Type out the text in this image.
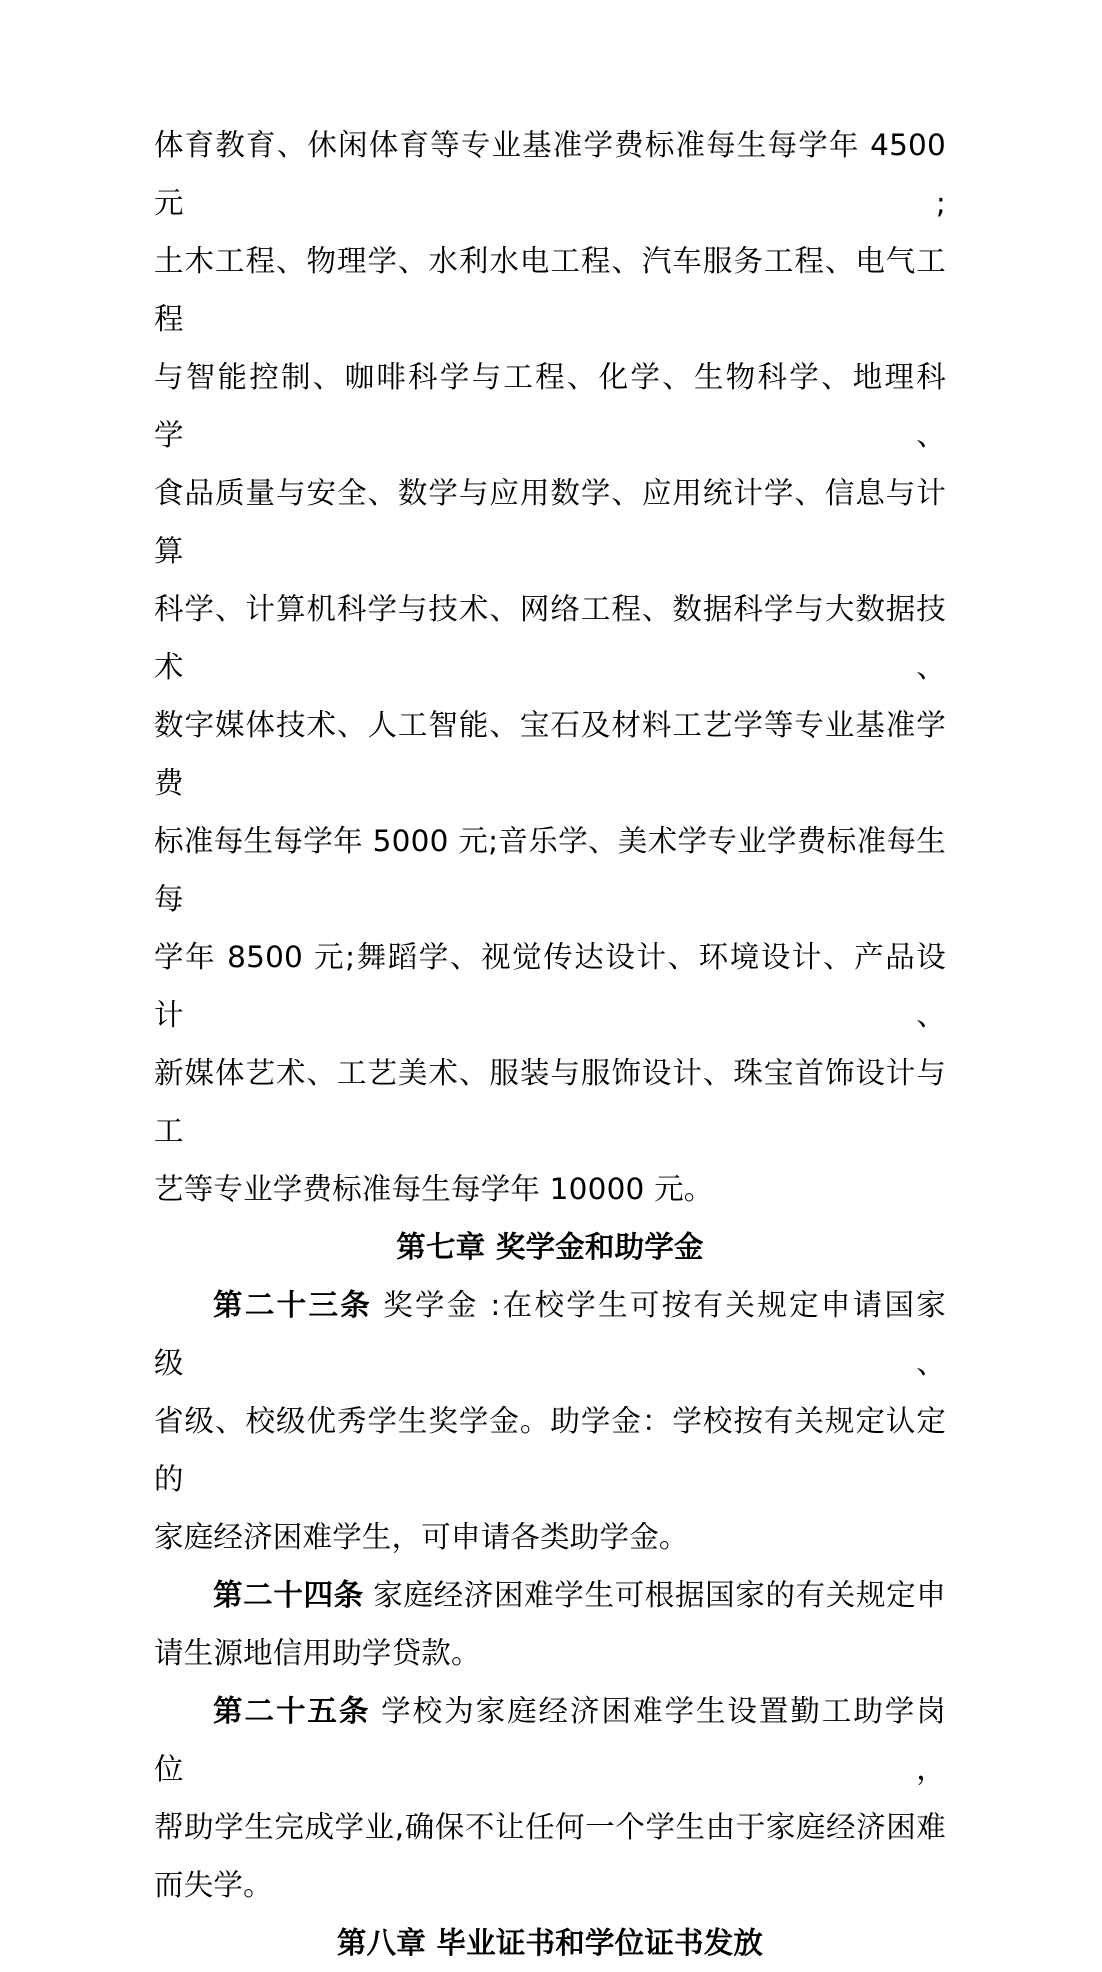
体育教育、休闲体育等专业基准学费标准每生每学年 4500 元;
土木工程、物理学、水利水电工程、汽车服务工程、电气工程
与智能控制、咖啡科学与工程、化学、生物科学、地理科学、
食品质量与安全、数学与应用数学、应用统计学、信息与计算
科学、计算机科学与技术、网络工程、数据科学与大数据技术、
数字媒体技术、人工智能、宝石及材料工艺学等专业基准学费
标准每生每学年 5000 元;音乐学、美术学专业学费标准每生每
学年 8500 元;舞蹈学、视觉传达设计、环境设计、产品设计、
新媒体艺术、工艺美术、服装与服饰设计、珠宝首饰设计与工
艺等专业学费标准每生每学年 10000 元。
第七章 奖学金和助学金
第二十三条 奖学金 :在校学生可按有关规定申请国家级、
省级、校级优秀学生奖学金。助学金：学校按有关规定认定的
家庭经济困难学生，可申请各类助学金。
第二十四条 家庭经济困难学生可根据国家的有关规定申
请生源地信用助学贷款。
第二十五条 学校为家庭经济困难学生设置勤工助学岗位，
帮助学生完成学业,确保不让任何一个学生由于家庭经济困难
而失学。
第八章 毕业证书和学位证书发放
